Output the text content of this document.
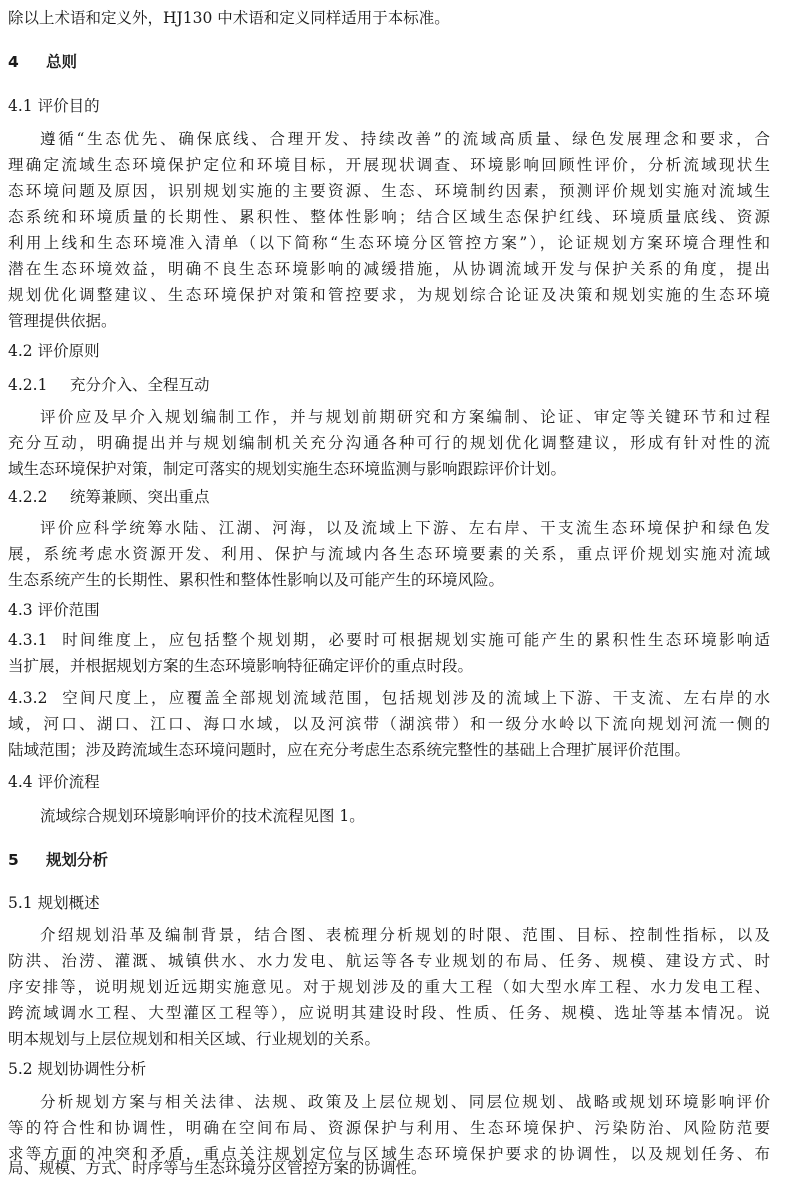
除以上术语和定义外，HJ130 中术语和定义同样适用于本标准。
4 总则
4.1 评价目的
遵循“生态优先、确保底线、合理开发、持续改善”的流域高质量、绿色发展理念和要求，合
理确定流域生态环境保护定位和环境目标，开展现状调查、环境影响回顾性评价，分析流域现状生
态环境问题及原因，识别规划实施的主要资源、生态、环境制约因素，预测评价规划实施对流域生
态系统和环境质量的长期性、累积性、整体性影响；结合区域生态保护红线、环境质量底线、资源
利用上线和生态环境准入清单（以下简称“生态环境分区管控方案”），论证规划方案环境合理性和
潜在生态环境效益，明确不良生态环境影响的减缓措施，从协调流域开发与保护关系的角度，提出
规划优化调整建议、生态环境保护对策和管控要求，为规划综合论证及决策和规划实施的生态环境
管理提供依据。
4.2 评价原则
4.2.1 充分介入、全程互动
评价应及早介入规划编制工作，并与规划前期研究和方案编制、论证、审定等关键环节和过程
充分互动，明确提出并与规划编制机关充分沟通各种可行的规划优化调整建议，形成有针对性的流
域生态环境保护对策，制定可落实的规划实施生态环境监测与影响跟踪评价计划。
4.2.2 统筹兼顾、突出重点
评价应科学统筹水陆、江湖、河海，以及流域上下游、左右岸、干支流生态环境保护和绿色发
展，系统考虑水资源开发、利用、保护与流域内各生态环境要素的关系，重点评价规划实施对流域
生态系统产生的长期性、累积性和整体性影响以及可能产生的环境风险。
4.3 评价范围
4.3.1 时间维度上，应包括整个规划期，必要时可根据规划实施可能产生的累积性生态环境影响适
当扩展，并根据规划方案的生态环境影响特征确定评价的重点时段。
4.3.2 空间尺度上，应覆盖全部规划流域范围，包括规划涉及的流域上下游、干支流、左右岸的水
域，河口、湖口、江口、海口水域，以及河滨带（湖滨带）和一级分水岭以下流向规划河流一侧的
陆域范围；涉及跨流域生态环境问题时，应在充分考虑生态系统完整性的基础上合理扩展评价范围。
4.4 评价流程
流域综合规划环境影响评价的技术流程见图 1。
5 规划分析
5.1 规划概述
介绍规划沿革及编制背景，结合图、表梳理分析规划的时限、范围、目标、控制性指标，以及
防洪、治涝、灌溉、城镇供水、水力发电、航运等各专业规划的布局、任务、规模、建设方式、时
序安排等，说明规划近远期实施意见。对于规划涉及的重大工程（如大型水库工程、水力发电工程、
跨流域调水工程、大型灌区工程等），应说明其建设时段、性质、任务、规模、选址等基本情况。说
明本规划与上层位规划和相关区域、行业规划的关系。
5.2 规划协调性分析
分析规划方案与相关法律、法规、政策及上层位规划、同层位规划、战略或规划环境影响评价
等的符合性和协调性，明确在空间布局、资源保护与利用、生态环境保护、污染防治、风险防范要
求等方面的冲突和矛盾，重点关注规划定位与区域生态环境保护要求的协调性，以及规划任务、布
局、规模、方式、时序等与生态环境分区管控方案的协调性。
